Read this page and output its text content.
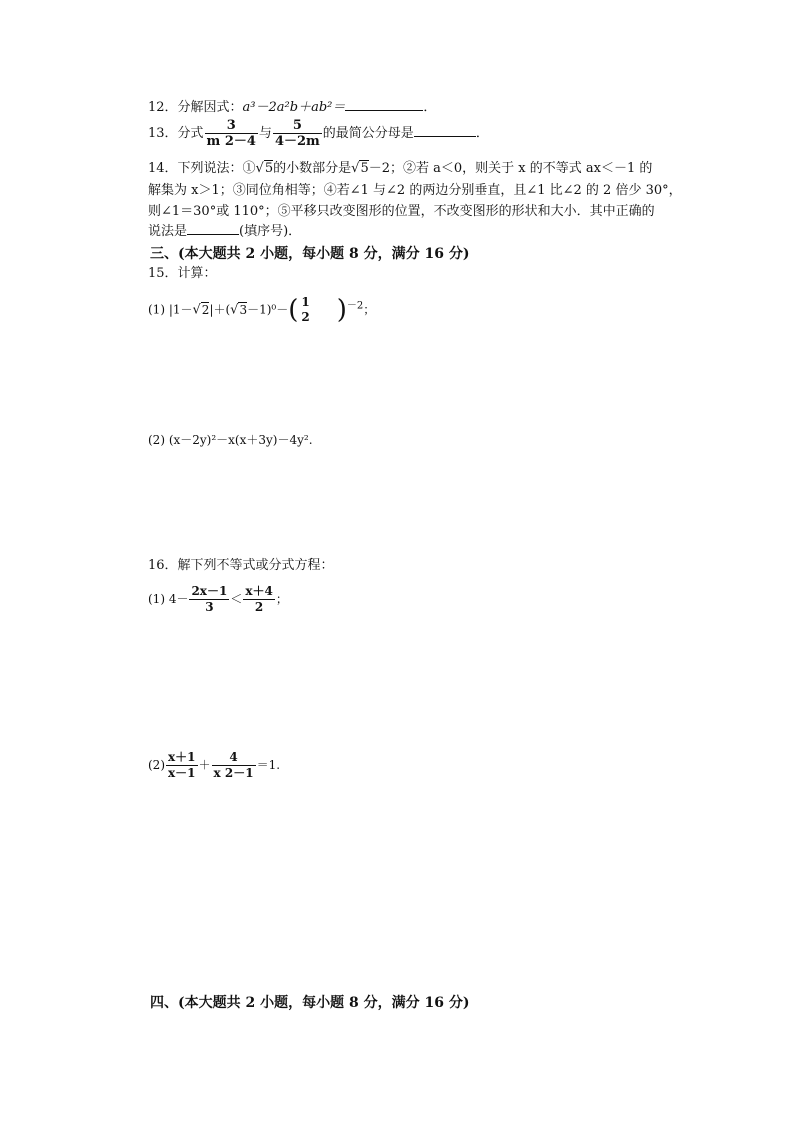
12．分解因式：a³－2a²b＋ab²＝	．
13．分式 $\frac{3}{m 2-4}$ 与 $\frac{5}{4-2m}$ 的最简公分母是	．
14．下列说法：①√5的小数部分是√5－2；②若 a＜0，则关于 x 的不等式 ax＜－1 的
解集为 x＞1；③同位角相等；④若∠1 与∠2 的两边分别垂直，且∠1 比∠2 的 2 倍少 30°，
则∠1＝30°或 110°；⑤平移只改变图形的位置，不改变图形的形状和大小．其中正确的
说法是	(填序号)．
三、(本大题共 2 小题，每小题 8 分，满分 16 分)
15．计算：
(1) |1－√2|＋(√3－1)⁰－( 1
2 )$^{-2}$；
(2) (x－2y)²－x(x＋3y)－4y².
16．解下列不等式或分式方程：
(1) $4- \frac{2x-1}{3} < \frac{x+4}{2}$ ；
$(2) \frac{x+1}{x-1} + \frac{4}{x 2-1} =1$.
四、(本大题共 2 小题，每小题 8 分，满分 16 分)
